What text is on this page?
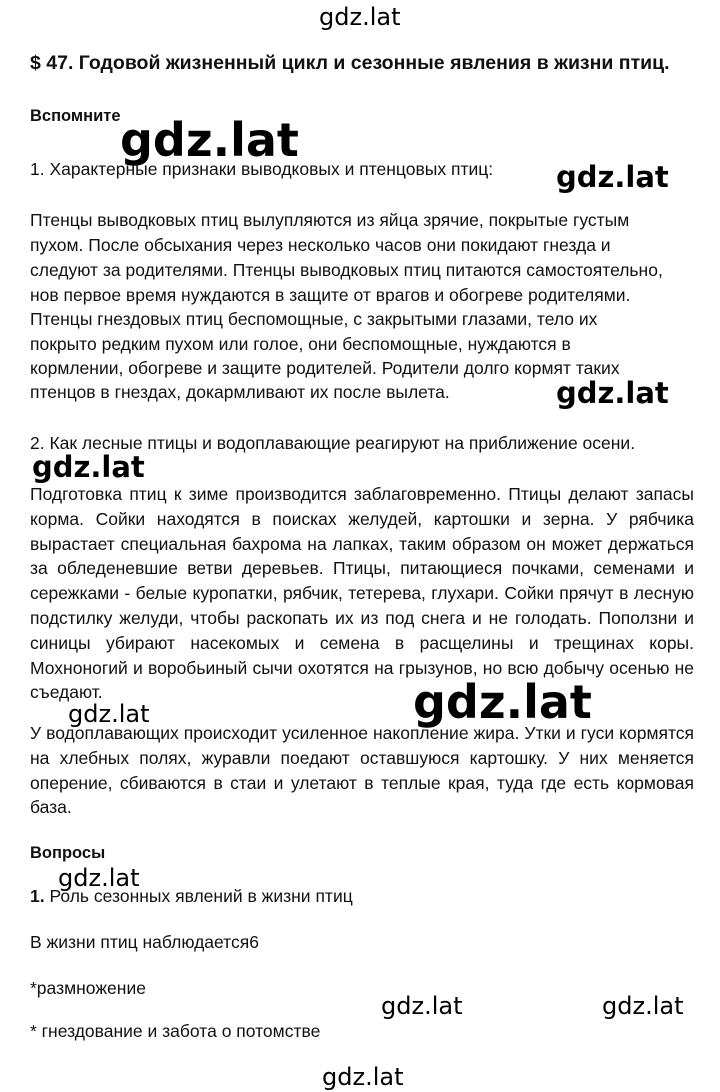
gdz.lat
gdz.lat
gdz.lat
gdz.lat
gdz.lat
gdz.lat	gdz.lat
gdz.lat
gdz.lat	gdz.lat
gdz.lat
$ 47. Годовой жизненный цикл и сезонные явления в жизни птиц.
Вспомните
1. Характерные признаки выводковых и птенцовых птиц:
Птенцы выводковых птиц вылупляются из яйца зрячие, покрытые густым
пухом. После обсыхания через несколько часов они покидают гнезда и
следуют за родителями. Птенцы выводковых птиц питаются самостоятельно,
нов первое время нуждаются в защите от врагов и обогреве родителями.
Птенцы гнездовых птиц беспомощные, с закрытыми глазами, тело их
покрыто редким пухом или голое, они беспомощные, нуждаются в
кормлении, обогреве и защите родителей. Родители долго кормят таких
птенцов в гнездах, докармливают их после вылета.
2. Как лесные птицы и водоплавающие реагируют на приближение осени.

Подготовка птиц к зиме производится заблаговременно. Птицы делают запасы корма. Сойки находятся в поисках желудей, картошки и зерна. У рябчика вырастает специальная бахрома на лапках, таким образом он может держаться за обледеневшие ветви деревьев. Птицы, питающиеся почками, семенами и сережками - белые куропатки, рябчик, тетерева, глухари. Сойки прячут в лесную подстилку желуди, чтобы раскопать их из под снега и не голодать. Поползни и синицы убирают насекомых и семена в расщелины и трещинах коры. Мохноногий и воробьиный сычи охотятся на грызунов, но всю добычу осенью не съедают.

У водоплавающих происходит усиленное накопление жира. Утки и гуси кормятся на хлебных полях, журавли поедают оставшуюся картошку. У них меняется оперение, сбиваются в стаи и улетают в теплые края, туда где есть кормовая база.

Вопросы
1. Роль сезонных явлений в жизни птиц
В жизни птиц наблюдается6
*размножение
* гнездование и забота о потомстве
